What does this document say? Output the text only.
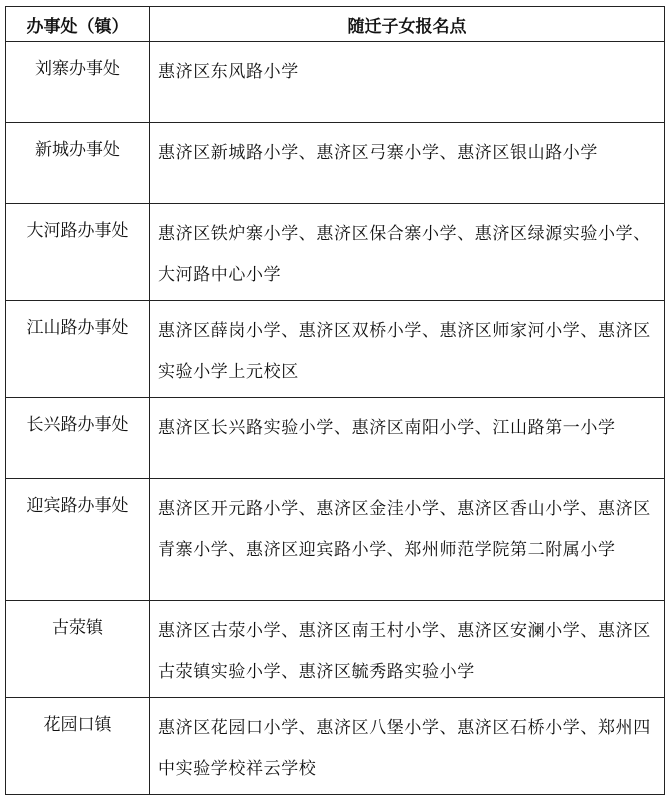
办事处（镇）	随迁子女报名点
刘寨办事处	惠济区东风路小学
新城办事处	惠济区新城路小学、惠济区弓寨小学、惠济区银山路小学
大河路办事处	惠济区铁炉寨小学、惠济区保合寨小学、惠济区绿源实验小学、大河路中心小学
江山路办事处	惠济区薛岗小学、惠济区双桥小学、惠济区师家河小学、惠济区实验小学上元校区
长兴路办事处	惠济区长兴路实验小学、惠济区南阳小学、江山路第一小学
迎宾路办事处	惠济区开元路小学、惠济区金洼小学、惠济区香山小学、惠济区青寨小学、惠济区迎宾路小学、郑州师范学院第二附属小学
古荥镇	惠济区古荥小学、惠济区南王村小学、惠济区安澜小学、惠济区古荥镇实验小学、惠济区毓秀路实验小学
花园口镇	惠济区花园口小学、惠济区八堡小学、惠济区石桥小学、郑州四中实验学校祥云学校
